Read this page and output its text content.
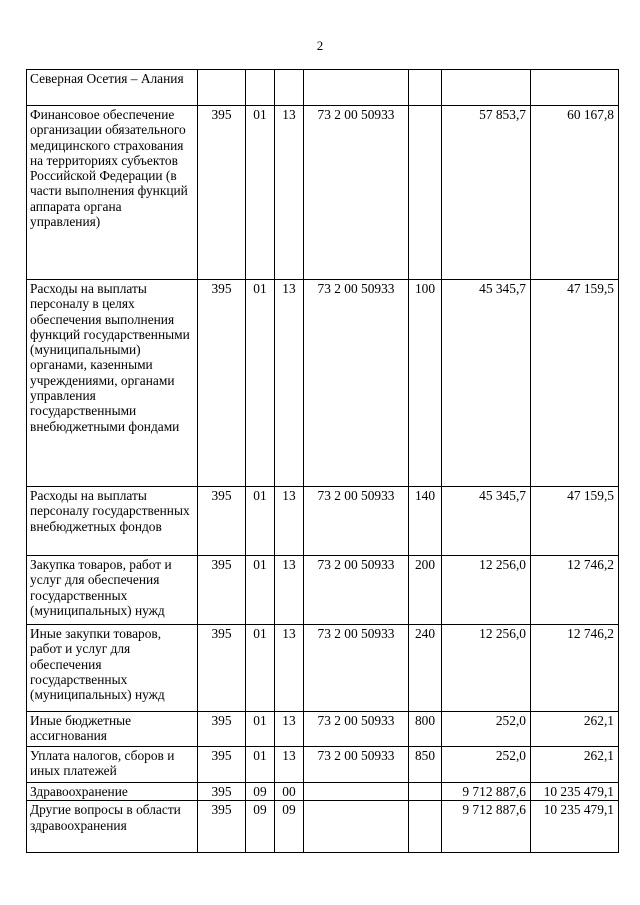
2
Северная Осетия – Алания							
Финансовое обеспечение организации обязательного медицинского страхования на территориях субъектов Российской Федерации (в части выполнения функций аппарата органа управления)	395	01	13	73 2 00 50933		57 853,7	60 167,8
Расходы на выплаты персоналу в целях обеспечения выполнения функций государственными (муниципальными) органами, казенными учреждениями, органами управления государственными внебюджетными фондами	395	01	13	73 2 00 50933	100	45 345,7	47 159,5
Расходы на выплаты персоналу государственных внебюджетных фондов	395	01	13	73 2 00 50933	140	45 345,7	47 159,5
Закупка товаров, работ и услуг для обеспечения государственных (муниципальных) нужд	395	01	13	73 2 00 50933	200	12 256,0	12 746,2
Иные закупки товаров, работ и услуг для обеспечения государственных (муниципальных) нужд	395	01	13	73 2 00 50933	240	12 256,0	12 746,2
Иные бюджетные ассигнования	395	01	13	73 2 00 50933	800	252,0	262,1
Уплата налогов, сборов и иных платежей	395	01	13	73 2 00 50933	850	252,0	262,1
Здравоохранение	395	09	00			9 712 887,6	10 235 479,1
Другие вопросы в области здравоохранения	395	09	09			9 712 887,6	10 235 479,1
